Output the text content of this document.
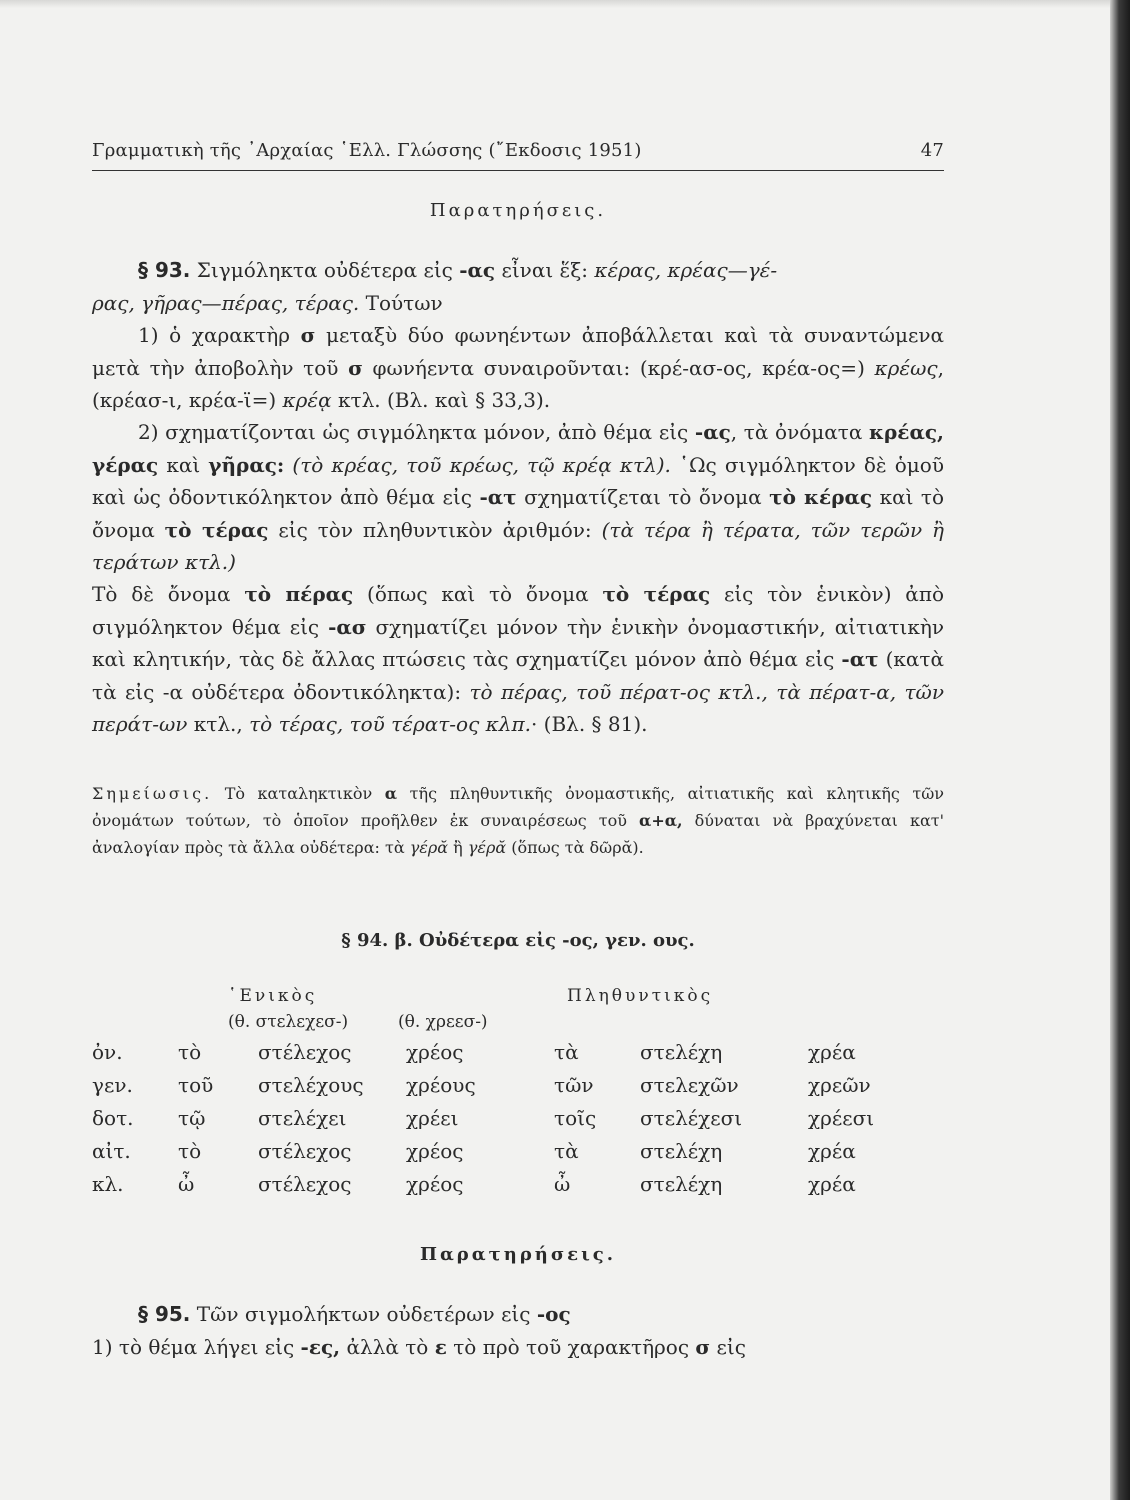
Γραμματικὴ τῆς ᾿Αρχαίας ῾Ελλ. Γλώσσης (῎Εκδοσις 1951)	47
Παρατηρήσεις.
§ 93. Σιγμόληκτα οὐδέτερα εἰς -ας εἶναι ἕξ: κέρας, κρέας—γέ-
ρας, γῆρας—πέρας, τέρας. Τούτων
1) ὁ χαρακτὴρ σ μεταξὺ δύο φωνηέντων ἀποβάλλεται καὶ τὰ συναντώμενα μετὰ τὴν ἀποβολὴν τοῦ σ φωνήεντα συναιροῦνται: (κρέ-ασ-ος, κρέα-ος=) κρέως, (κρέασ-ι, κρέα-ϊ=) κρέᾳ κτλ. (Βλ. καὶ § 33,3).
2) σχηματίζονται ὡς σιγμόληκτα μόνον, ἀπὸ θέμα εἰς -ας, τὰ ὀνόματα κρέας, γέρας καὶ γῆρας: (τὸ κρέας, τοῦ κρέως, τῷ κρέᾳ κτλ). ῾Ως σιγμόληκτον δὲ ὁμοῦ καὶ ὡς ὀδοντικόληκτον ἀπὸ θέμα εἰς -ατ σχηματίζεται τὸ ὄνομα τὸ κέρας καὶ τὸ ὄνομα τὸ τέρας εἰς τὸν πληθυντικὸν ἀριθμόν: (τὰ τέρα ἢ τέρατα, τῶν τερῶν ἢ τεράτων κτλ.)
Τὸ δὲ ὄνομα τὸ πέρας (ὅπως καὶ τὸ ὄνομα τὸ τέρας εἰς τὸν ἑνικὸν) ἀπὸ σιγμόληκτον θέμα εἰς -ασ σχηματίζει μόνον τὴν ἑνικὴν ὀνομαστικήν, αἰτιατικὴν καὶ κλητικήν, τὰς δὲ ἄλλας πτώσεις τὰς σχηματίζει μόνον ἀπὸ θέμα εἰς -ατ (κατὰ τὰ εἰς -α οὐδέτερα ὀδοντικόληκτα): τὸ πέρας, τοῦ πέρατ-ος κτλ., τὰ πέρατ-α, τῶν περάτ-ων κτλ., τὸ τέρας, τοῦ τέρατ-ος κλπ.· (Βλ. § 81).
Σημείωσις. Τὸ καταληκτικὸν α τῆς πληθυντικῆς ὀνομαστικῆς, αἰτιατικῆς καὶ κλητικῆς τῶν ὀνομάτων τούτων, τὸ ὁποῖον προῆλθεν ἐκ συναιρέσεως τοῦ α+α, δύναται νὰ βραχύνεται κατ' ἀναλογίαν πρὸς τὰ ἄλλα οὐδέτερα: τὰ γέρᾰ ἢ γέρᾰ (ὅπως τὰ δῶρᾰ).
§ 94. β. Οὐδέτερα εἰς -ος, γεν. ους.
῾Ενικὸς	Πληθυντικὸς
(θ. στελεχεσ-)	(θ. χρεεσ-)
ὀν.	τὸ	στέλεχος	χρέος	τὰ	στελέχη	χρέα
γεν.	τοῦ	στελέχους	χρέους	τῶν	στελεχῶν	χρεῶν
δοτ.	τῷ	στελέχει	χρέει	τοῖς	στελέχεσι	χρέεσι
αἰτ.	τὸ	στέλεχος	χρέος	τὰ	στελέχη	χρέα
κλ.	ὦ	στέλεχος	χρέος	ὦ	στελέχη	χρέα
Παρατηρήσεις.
§ 95. Τῶν σιγμολήκτων οὐδετέρων εἰς -ος
1) τὸ θέμα λήγει εἰς -ες, ἀλλὰ τὸ ε τὸ πρὸ τοῦ χαρακτῆρος σ εἰς
